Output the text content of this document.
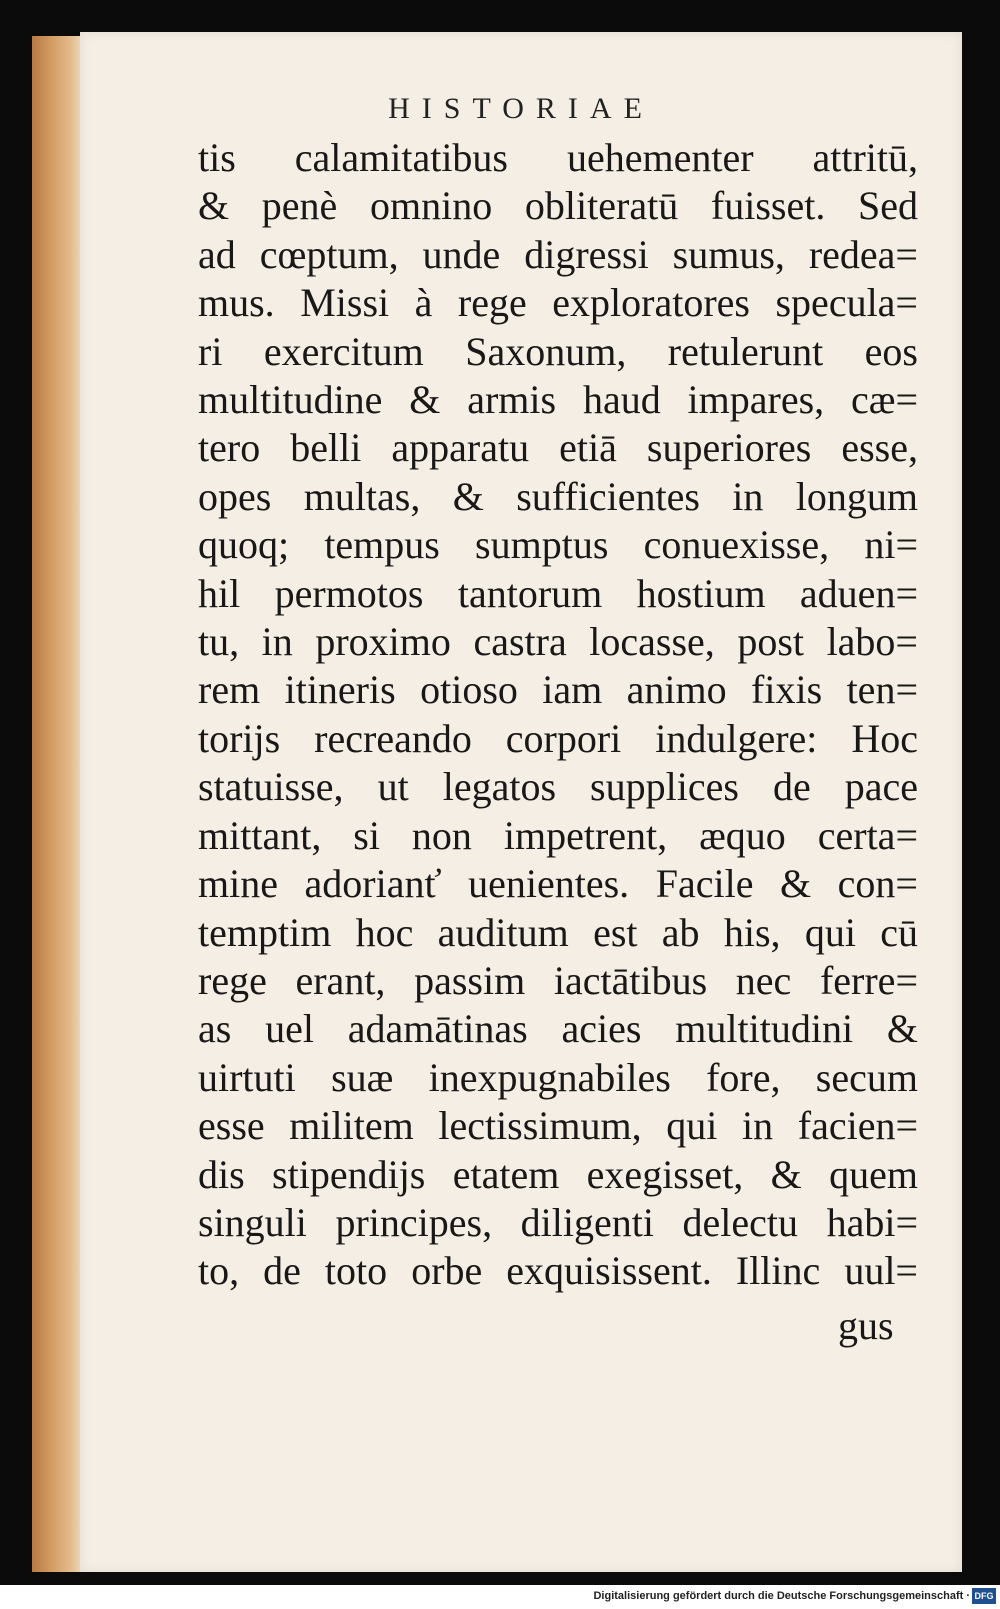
HISTORIAE
tis calamitatibus uehementer attritū,
& penè omnino obliteratū fuisset. Sed
ad cœptum, unde digressi sumus, redea=
mus. Missi à rege exploratores specula=
ri exercitum Saxonum, retulerunt eos
multitudine & armis haud impares, cæ=
tero belli apparatu etiā superiores esse,
opes multas, & sufficientes in longum
quoq; tempus sumptus conuexisse, ni=
hil permotos tantorum hostium aduen=
tu, in proximo castra locasse, post labo=
rem itineris otioso iam animo fixis ten=
torijs recreando corpori indulgere: Hoc
statuisse, ut legatos supplices de pace
mittant, si non impetrent, æquo certa=
mine adorianť uenientes. Facile & con=
temptim hoc auditum est ab his, qui cū
rege erant, passim iactātibus nec ferre=
as uel adamātinas acies multitudini &
uirtuti suæ inexpugnabiles fore, secum
esse militem lectissimum, qui in facien=
dis stipendijs etatem exegisset, & quem
singuli principes, diligenti delectu habi=
to, de toto orbe exquisissent. Illinc uul=
gus
Digitalisierung gefördert durch die Deutsche Forschungsgemeinschaft · DFG
